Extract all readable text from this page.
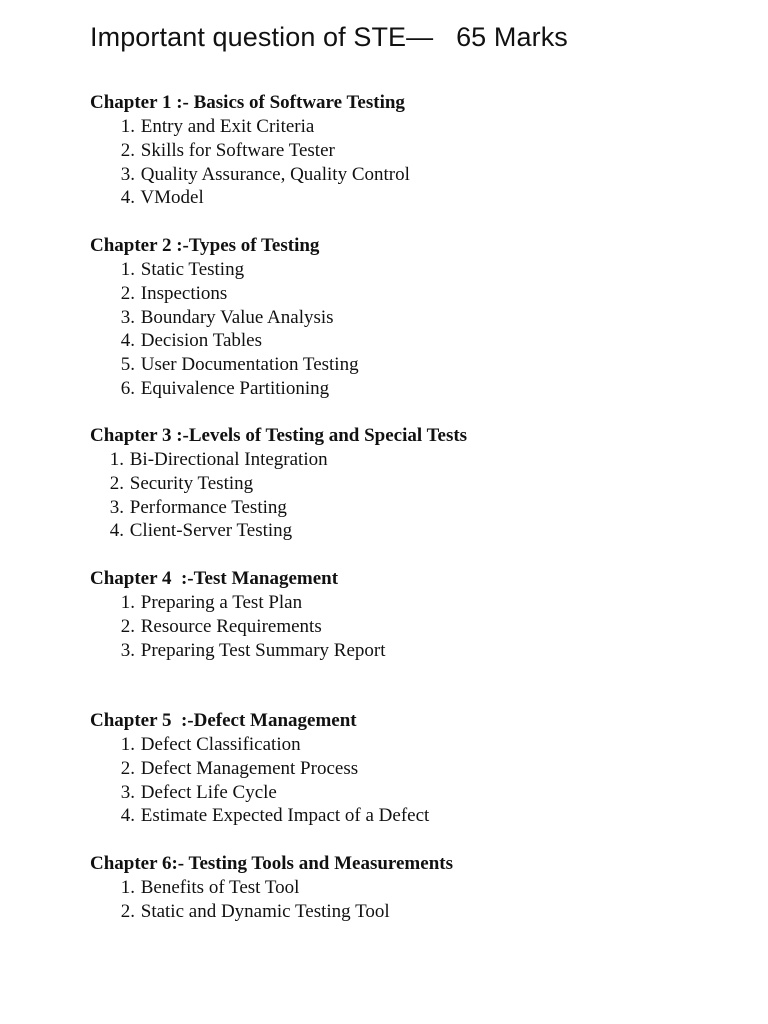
Important question of STE—   65 Marks
Chapter 1 :- Basics of Software Testing
1. Entry and Exit Criteria
2. Skills for Software Tester
3. Quality Assurance, Quality Control
4. VModel
Chapter 2 :-Types of Testing
1. Static Testing
2. Inspections
3. Boundary Value Analysis
4. Decision Tables
5. User Documentation Testing
6. Equivalence Partitioning
Chapter 3 :-Levels of Testing and Special Tests
1. Bi-Directional Integration
2. Security Testing
3. Performance Testing
4. Client-Server Testing
Chapter 4  :-Test Management
1. Preparing a Test Plan
2. Resource Requirements
3. Preparing Test Summary Report
Chapter 5  :-Defect Management
1. Defect Classification
2. Defect Management Process
3. Defect Life Cycle
4. Estimate Expected Impact of a Defect
Chapter 6:- Testing Tools and Measurements
1. Benefits of Test Tool
2. Static and Dynamic Testing Tool
